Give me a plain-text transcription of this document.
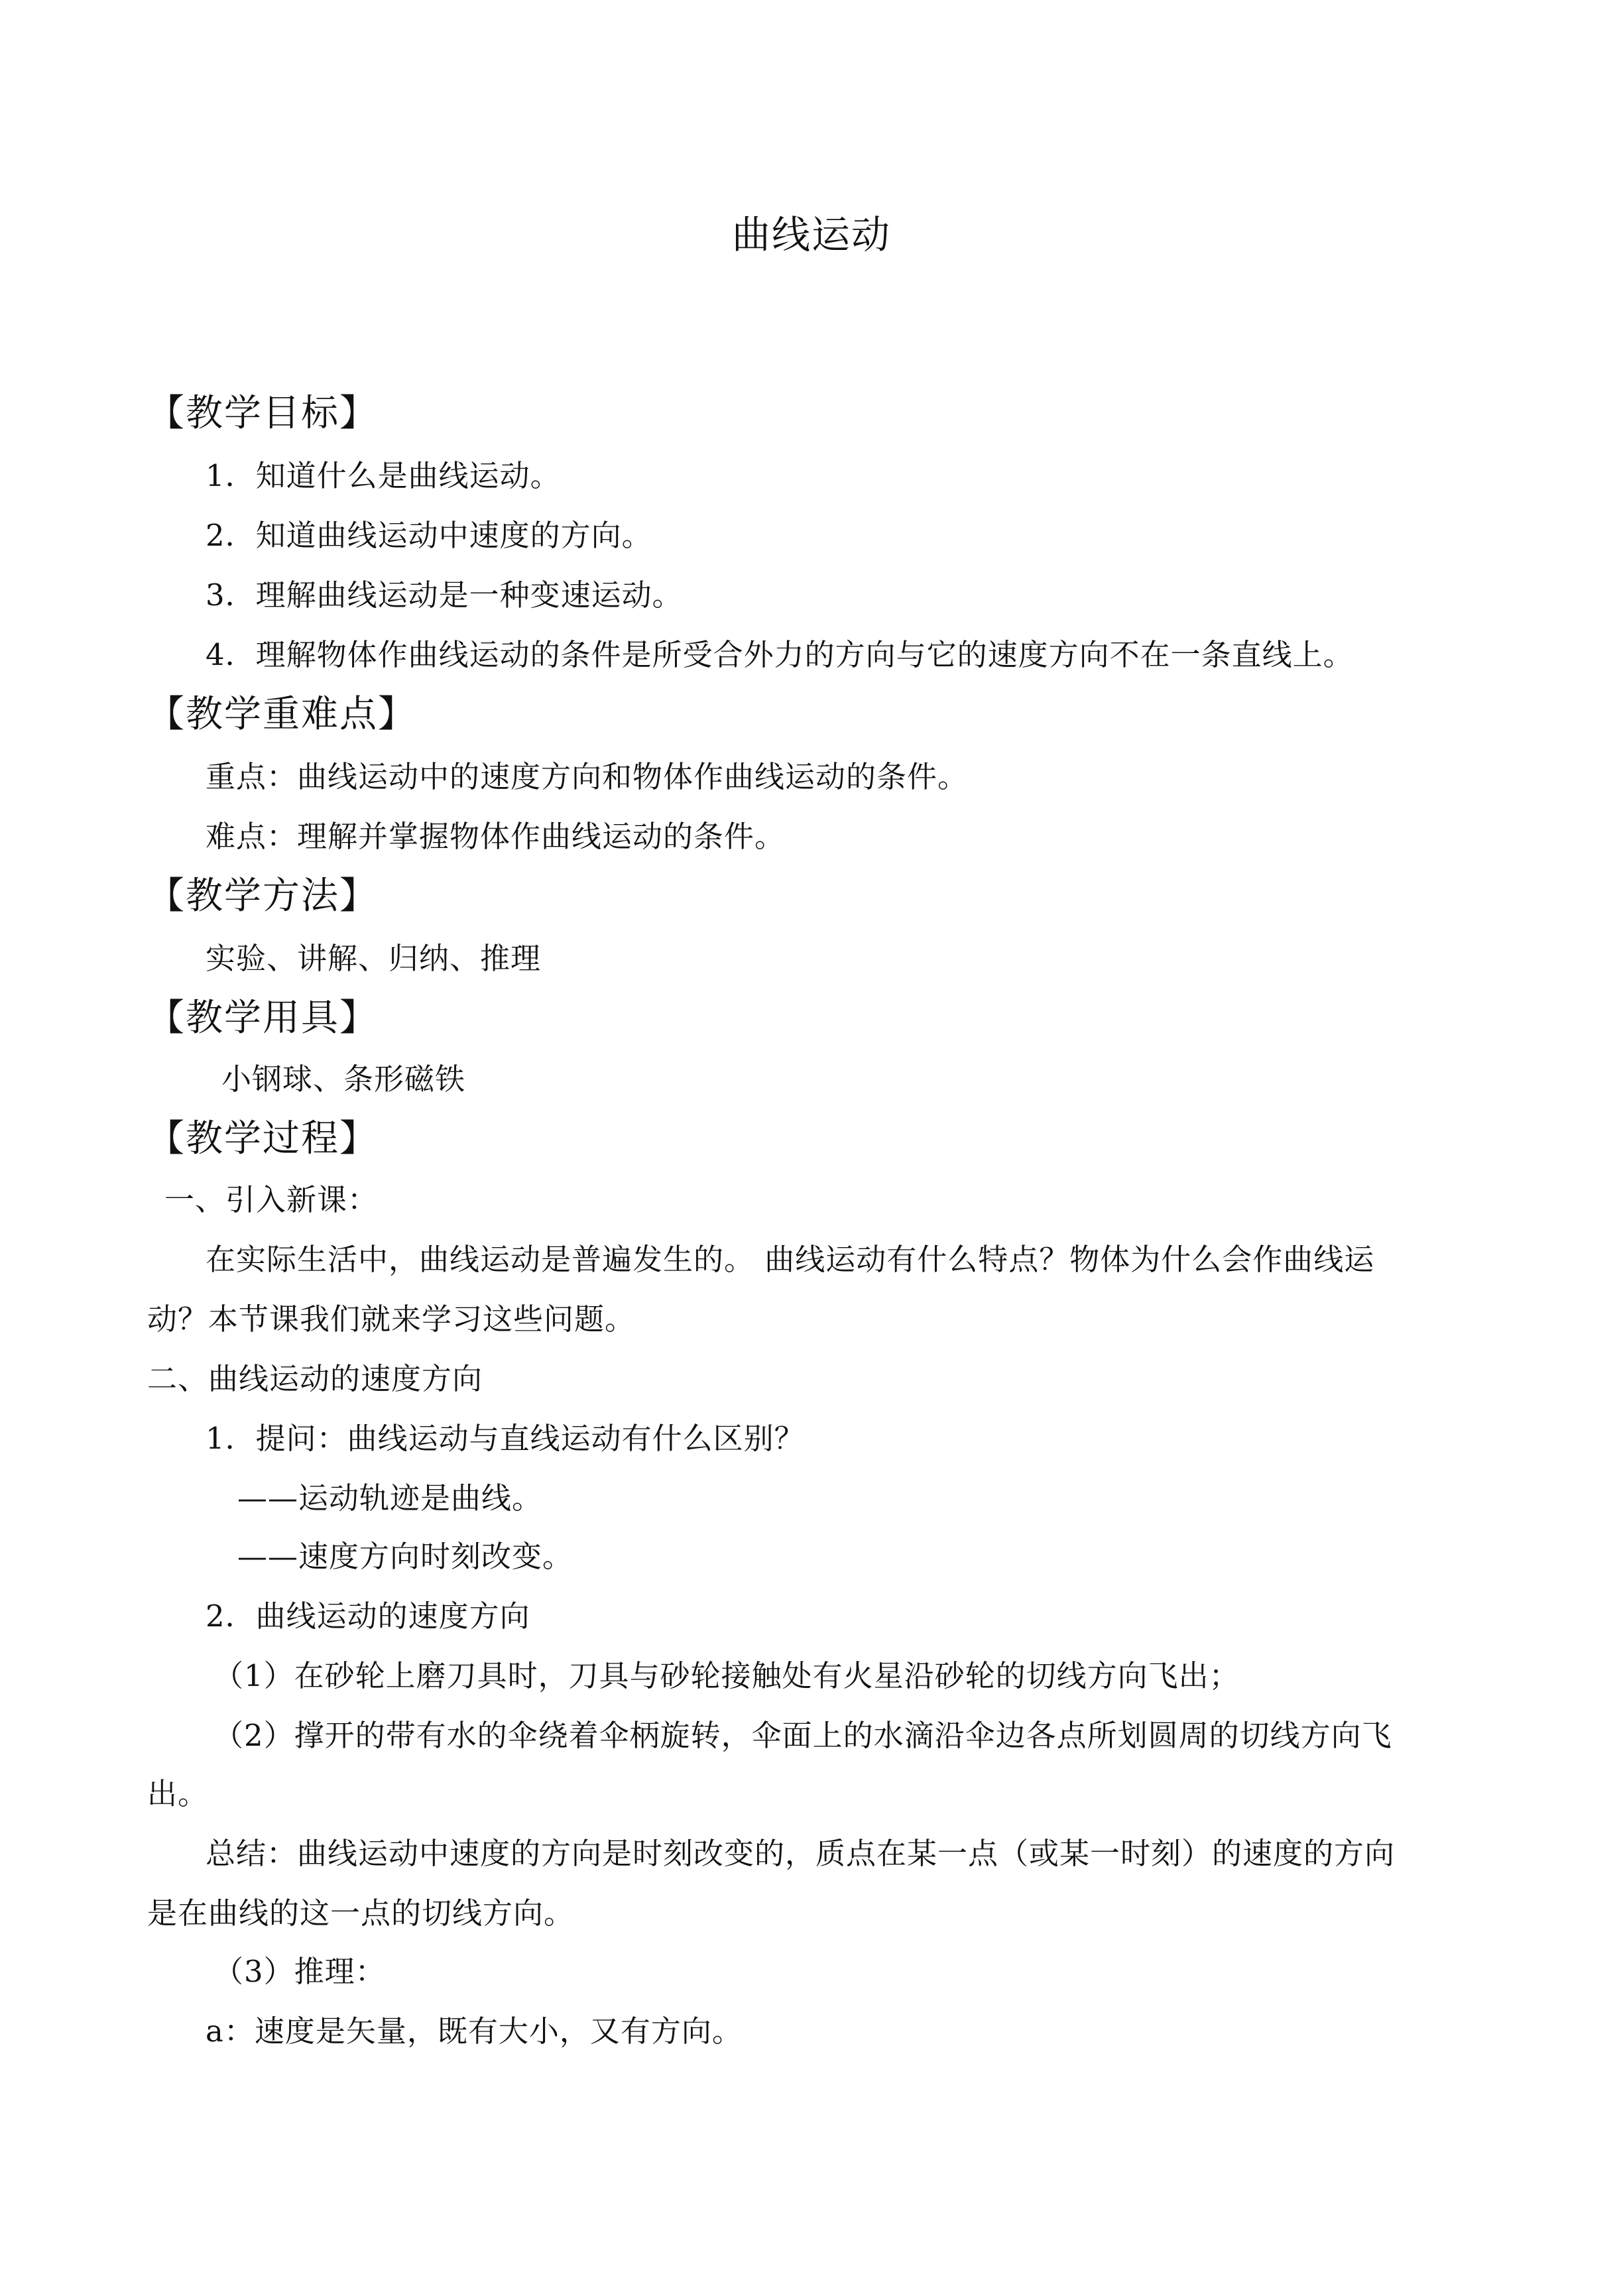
曲线运动
【教学目标】
1．知道什么是曲线运动。
2．知道曲线运动中速度的方向。
3．理解曲线运动是一种变速运动。
4．理解物体作曲线运动的条件是所受合外力的方向与它的速度方向不在一条直线上。
【教学重难点】
重点：曲线运动中的速度方向和物体作曲线运动的条件。
难点：理解并掌握物体作曲线运动的条件。
【教学方法】
实验、讲解、归纳、推理
【教学用具】
小钢球、条形磁铁
【教学过程】
一、引入新课：
在实际生活中，曲线运动是普遍发生的。 曲线运动有什么特点？物体为什么会作曲线运
动？本节课我们就来学习这些问题。
二、曲线运动的速度方向
1．提问：曲线运动与直线运动有什么区别？
——运动轨迹是曲线。
——速度方向时刻改变。
2．曲线运动的速度方向
（1）在砂轮上磨刀具时，刀具与砂轮接触处有火星沿砂轮的切线方向飞出；
（2）撑开的带有水的伞绕着伞柄旋转，伞面上的水滴沿伞边各点所划圆周的切线方向飞
出。
总结：曲线运动中速度的方向是时刻改变的，质点在某一点（或某一时刻）的速度的方向
是在曲线的这一点的切线方向。
（3）推理：
a：速度是矢量，既有大小，又有方向。
